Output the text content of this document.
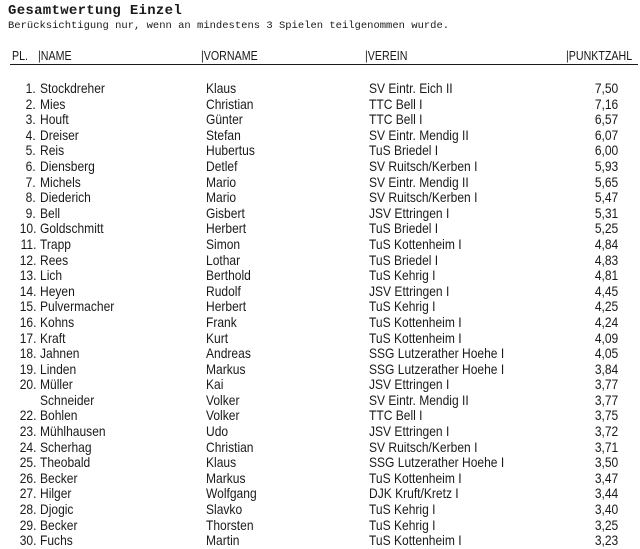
Gesamtwertung Einzel
Berücksichtigung nur, wenn an mindestens 3 Spielen teilgenommen wurde.
PL. |NAME	|VORNAME	|VEREIN	|PUNKTZAHL
1. Stockdreher	Klaus	SV Eintr. Eich II	7,50
2. Mies	Christian	TTC Bell I	7,16
3. Houft	Günter	TTC Bell I	6,57
4. Dreiser	Stefan	SV Eintr. Mendig II	6,07
5. Reis	Hubertus	TuS Briedel I	6,00
6. Diensberg	Detlef	SV Ruitsch/Kerben I	5,93
7. Michels	Mario	SV Eintr. Mendig II	5,65
8. Diederich	Mario	SV Ruitsch/Kerben I	5,47
9. Bell	Gisbert	JSV Ettringen I	5,31
10. Goldschmitt	Herbert	TuS Briedel I	5,25
11. Trapp	Simon	TuS Kottenheim I	4,84
12. Rees	Lothar	TuS Briedel I	4,83
13. Lich	Berthold	TuS Kehrig I	4,81
14. Heyen	Rudolf	JSV Ettringen I	4,45
15. Pulvermacher	Herbert	TuS Kehrig I	4,25
16. Kohns	Frank	TuS Kottenheim I	4,24
17. Kraft	Kurt	TuS Kottenheim I	4,09
18. Jahnen	Andreas	SSG Lutzerather Hoehe I	4,05
19. Linden	Markus	SSG Lutzerather Hoehe I	3,84
20. Müller	Kai	JSV Ettringen I	3,77
Schneider	Volker	SV Eintr. Mendig II	3,77
22. Bohlen	Volker	TTC Bell I	3,75
23. Mühlhausen	Udo	JSV Ettringen I	3,72
24. Scherhag	Christian	SV Ruitsch/Kerben I	3,71
25. Theobald	Klaus	SSG Lutzerather Hoehe I	3,50
26. Becker	Markus	TuS Kottenheim I	3,47
27. Hilger	Wolfgang	DJK Kruft/Kretz I	3,44
28. Djogic	Slavko	TuS Kehrig I	3,40
29. Becker	Thorsten	TuS Kehrig I	3,25
30. Fuchs	Martin	TuS Kottenheim I	3,23
